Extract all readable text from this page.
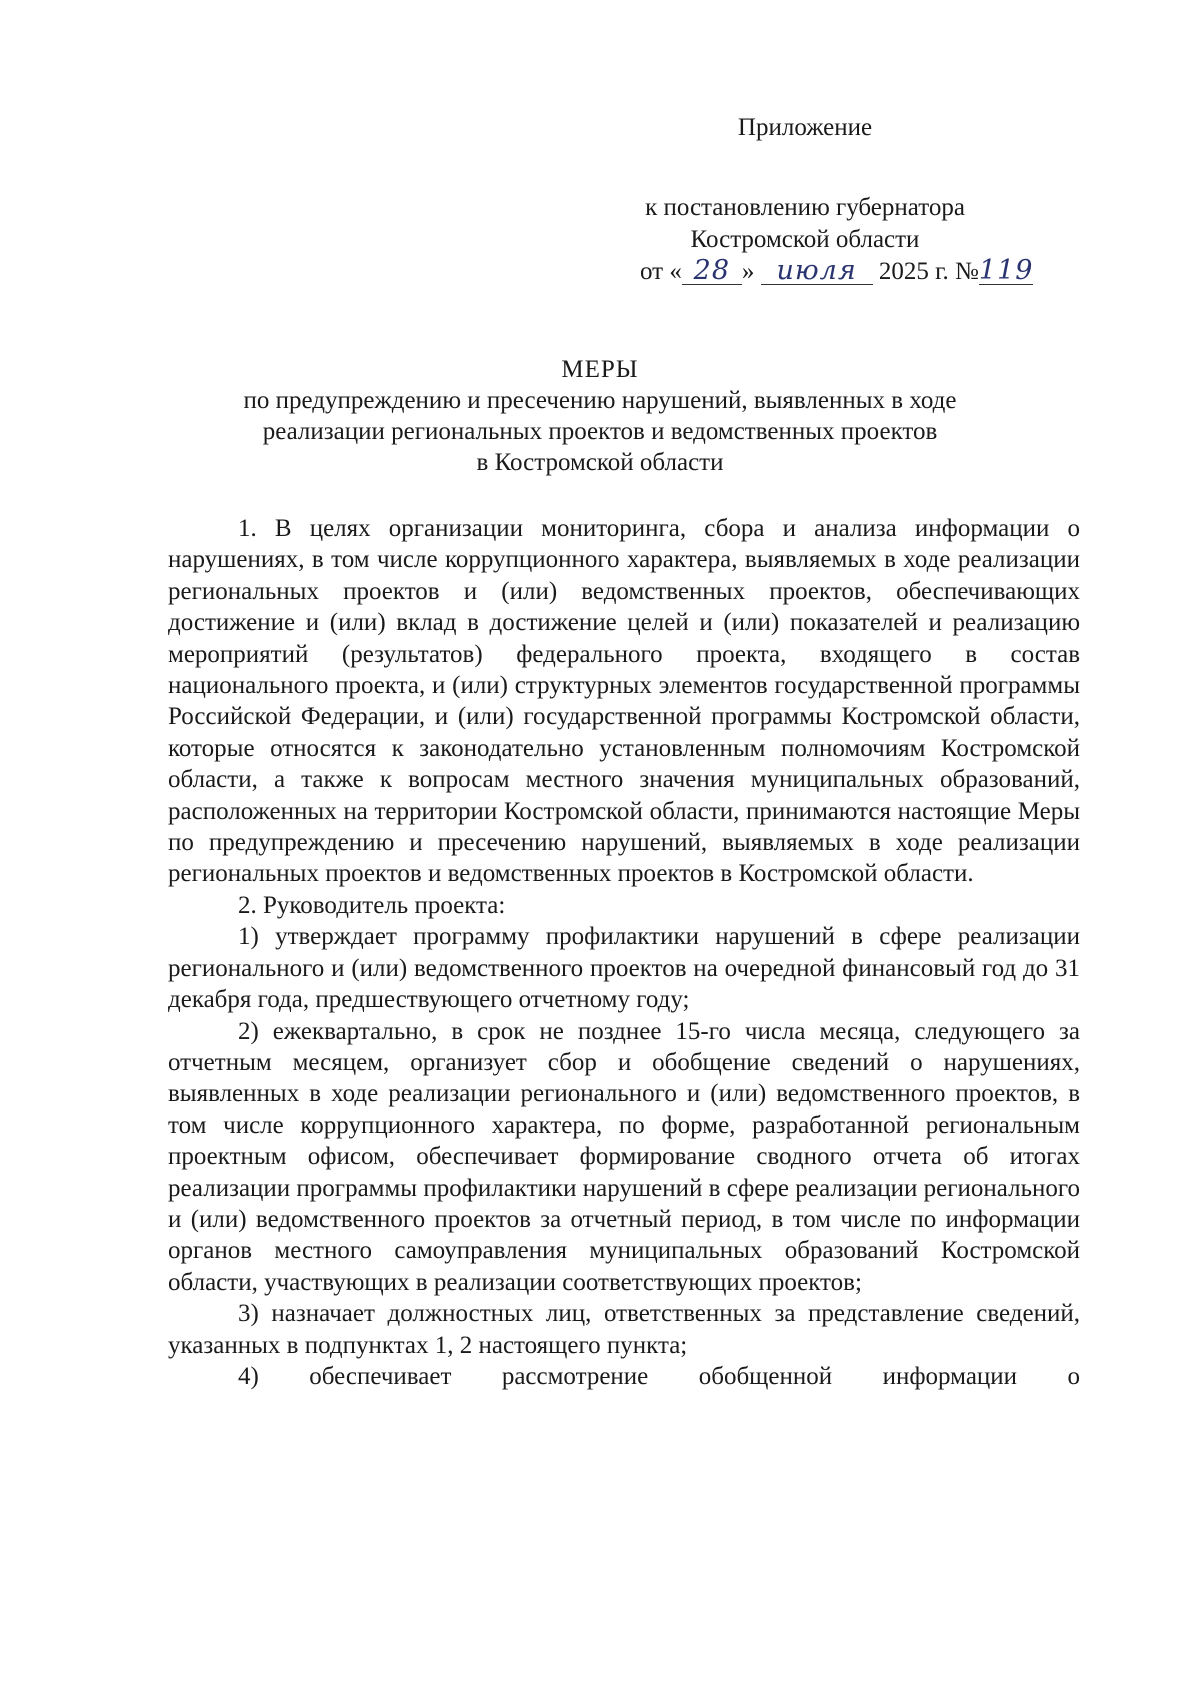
Приложение
к постановлению губернатора
Костромской области
от « 28 » июля 2025 г. №119
МЕРЫ
по предупреждению и пресечению нарушений, выявленных в ходе
реализации региональных проектов и ведомственных проектов
в Костромской области

1. В целях организации мониторинга, сбора и анализа информации о нарушениях, в том числе коррупционного характера, выявляемых в ходе реализации региональных проектов и (или) ведомственных проектов, обеспечивающих достижение и (или) вклад в достижение целей и (или) показателей и реализацию мероприятий (результатов) федерального проекта, входящего в состав национального проекта, и (или) структурных элементов государственной программы Российской Федерации, и (или) государственной программы Костромской области, которые относятся к законодательно установленным полномочиям Костромской области, а также к вопросам местного значения муниципальных образований, расположенных на территории Костромской области, принимаются настоящие Меры по предупреждению и пресечению нарушений, выявляемых в ходе реализации региональных проектов и ведомственных проектов в Костромской области.

2. Руководитель проекта:

1) утверждает программу профилактики нарушений в сфере реализации регионального и (или) ведомственного проектов на очередной финансовый год до 31 декабря года, предшествующего отчетному году;

2) ежеквартально, в срок не позднее 15-го числа месяца, следующего за отчетным месяцем, организует сбор и обобщение сведений о нарушениях, выявленных в ходе реализации регионального и (или) ведомственного проектов, в том числе коррупционного характера, по форме, разработанной региональным проектным офисом, обеспечивает формирование сводного отчета об итогах реализации программы профилактики нарушений в сфере реализации регионального и (или) ведомственного проектов за отчетный период, в том числе по информации органов местного самоуправления муниципальных образований Костромской области, участвующих в реализации соответствующих проектов;

3) назначает должностных лиц, ответственных за представление сведений, указанных в подпунктах 1, 2 настоящего пункта;

4) обеспечивает рассмотрение обобщенной информации о
